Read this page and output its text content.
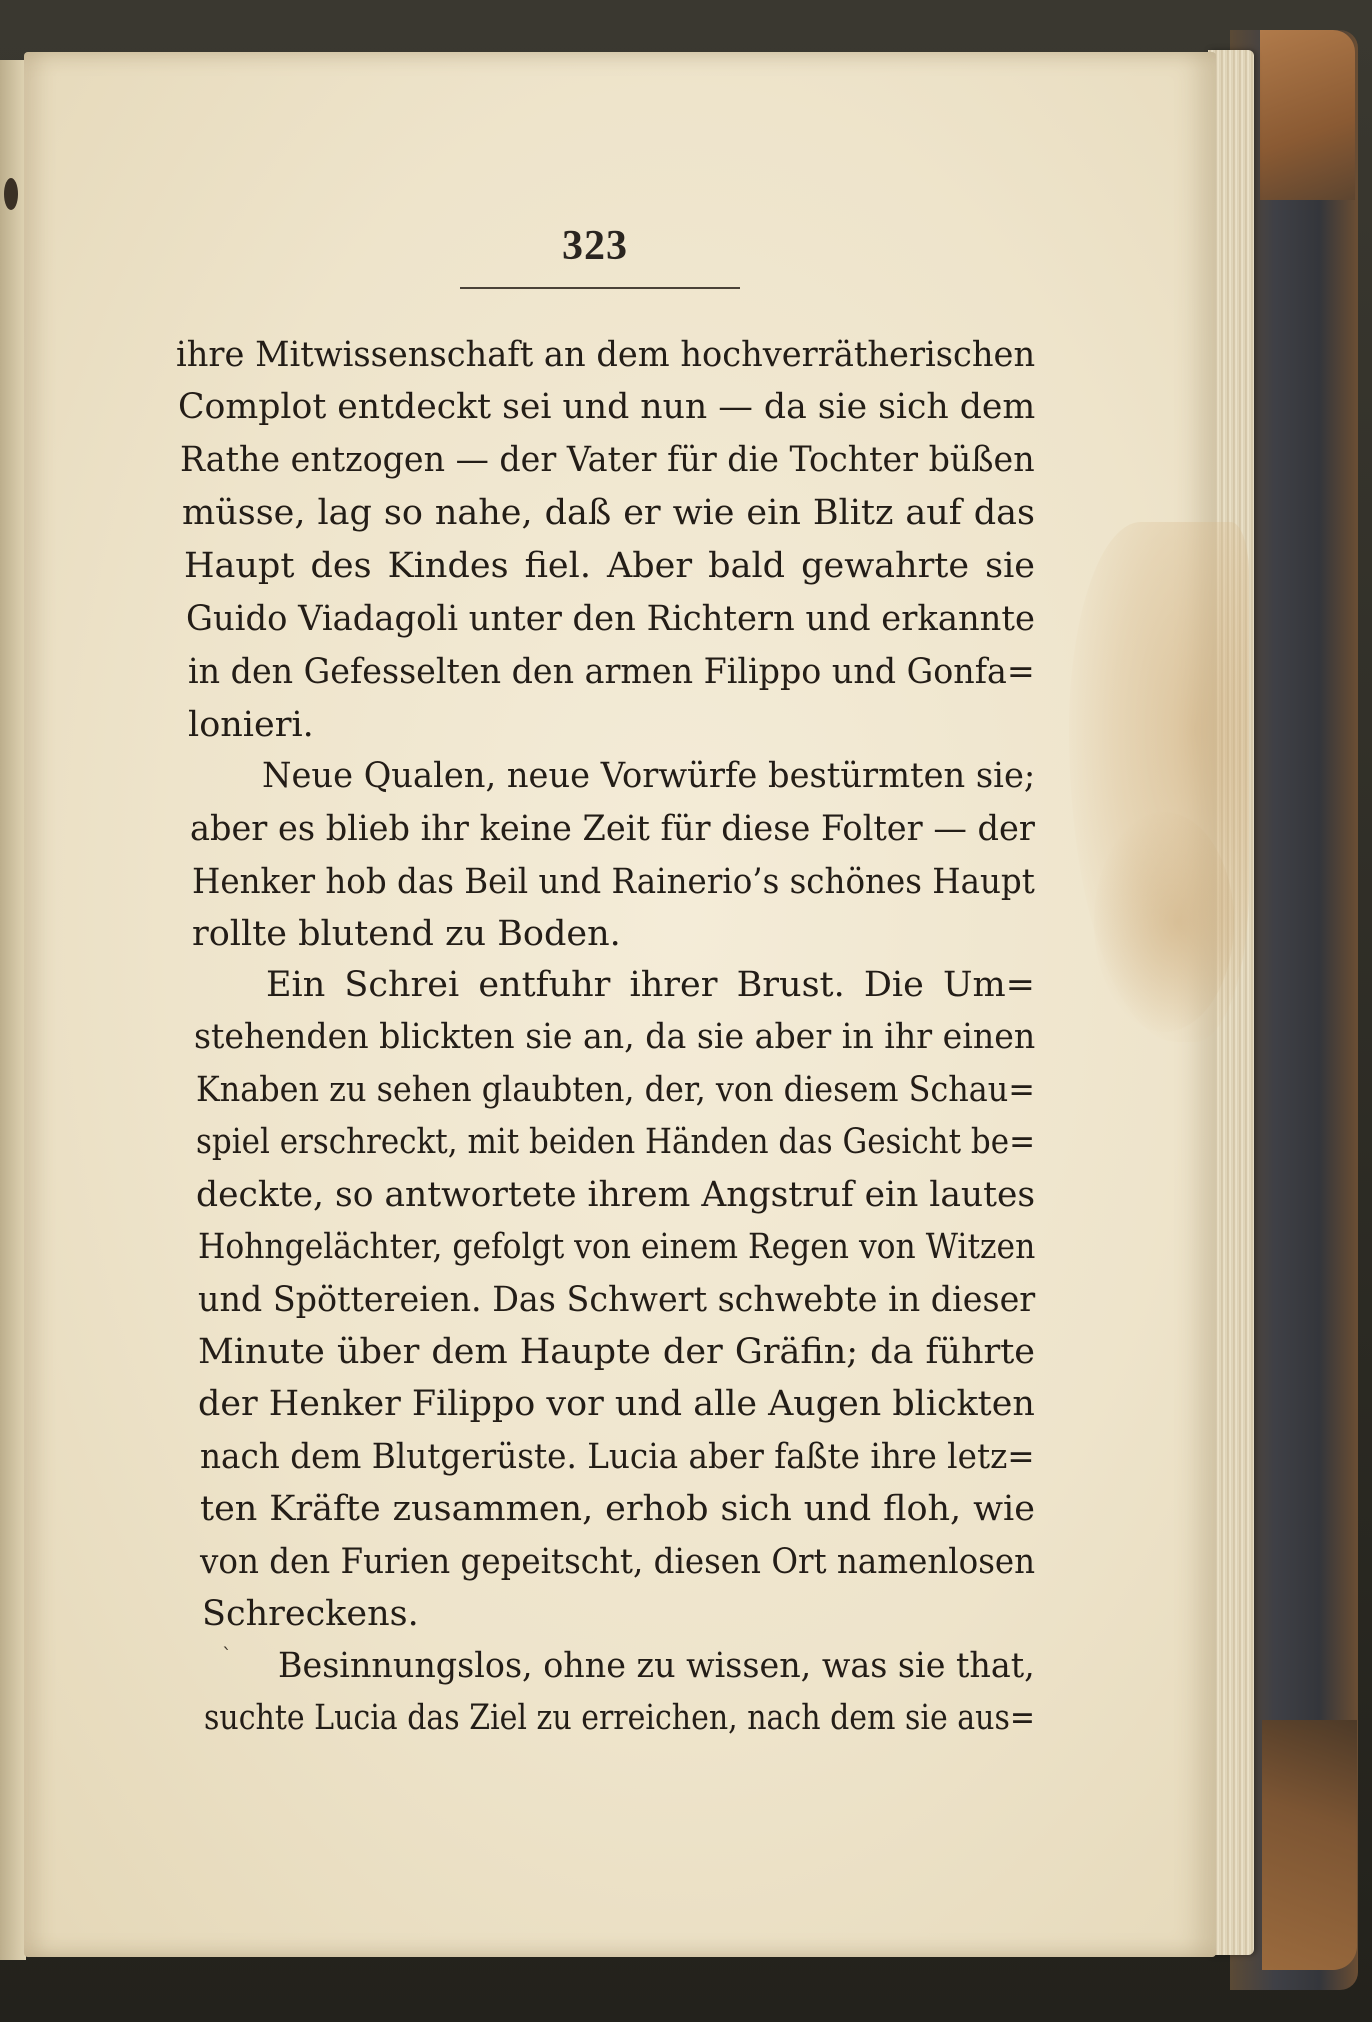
323
ihre Mitwissenschaft an dem hochverrätherischen
Complot entdeckt sei und nun — da sie sich dem
Rathe entzogen — der Vater für die Tochter büßen
müsse, lag so nahe, daß er wie ein Blitz auf das
Haupt des Kindes fiel. Aber bald gewahrte sie
Guido Viadagoli unter den Richtern und erkannte
in den Gefesselten den armen Filippo und Gonfa=
lonieri.
Neue Qualen, neue Vorwürfe bestürmten sie;
aber es blieb ihr keine Zeit für diese Folter — der
Henker hob das Beil und Rainerio’s schönes Haupt
rollte blutend zu Boden.
Ein Schrei entfuhr ihrer Brust. Die Um=
stehenden blickten sie an, da sie aber in ihr einen
Knaben zu sehen glaubten, der, von diesem Schau=
spiel erschreckt, mit beiden Händen das Gesicht be=
deckte, so antwortete ihrem Angstruf ein lautes
Hohngelächter, gefolgt von einem Regen von Witzen
und Spöttereien. Das Schwert schwebte in dieser
Minute über dem Haupte der Gräfin; da führte
der Henker Filippo vor und alle Augen blickten
nach dem Blutgerüste. Lucia aber faßte ihre letz=
ten Kräfte zusammen, erhob sich und floh, wie
von den Furien gepeitscht, diesen Ort namenlosen
Schreckens.
Besinnungslos, ohne zu wissen, was sie that,
suchte Lucia das Ziel zu erreichen, nach dem sie aus=
`
